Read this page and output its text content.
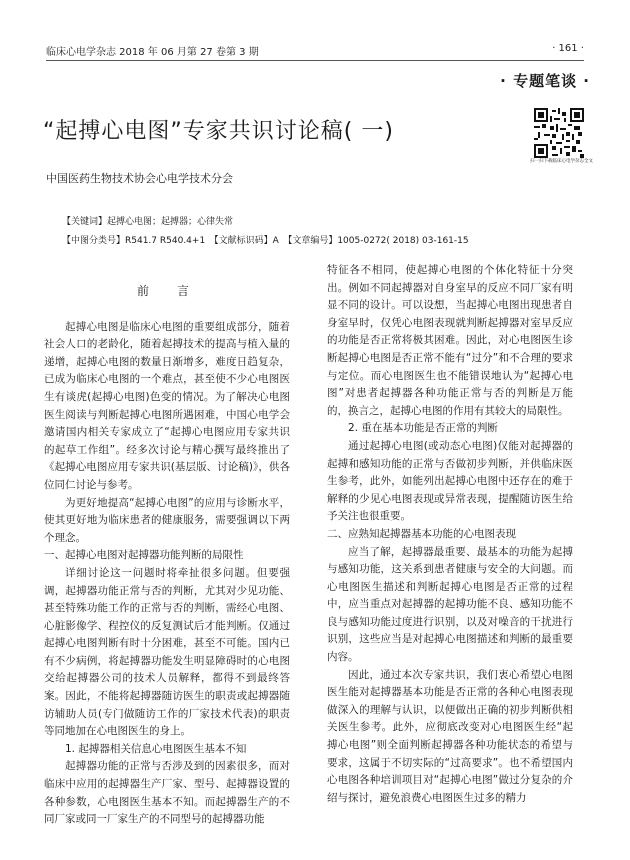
临床心电学杂志 2018 年 06 月第 27 卷第 3 期	· 161 ·
· 专题笔谈 ·
“起搏心电图”专家共识讨论稿( 一)
扫一扫下载临床心电学杂志全文
中国医药生物技术协会心电学技术分会
【关键词】起搏心电图；起搏器；心律失常
【中图分类号】R541.7 R540.4+1　【文献标识码】A　【文章编号】1005-0272( 2018) 03-161-15

前　言

起搏心电图是临床心电图的重要组成部分，随着社会人口的老龄化，随着起搏技术的提高与植入量的递增，起搏心电图的数量日渐增多，难度日趋复杂，已成为临床心电图的一个难点，甚至使不少心电图医生有谈虎(起搏心电图)色变的情况。为了解决心电图医生阅读与判断起搏心电图所遇困难，中国心电学会邀请国内相关专家成立了“起搏心电图应用专家共识的起草工作组”。经多次讨论与精心撰写最终推出了《起搏心电图应用专家共识(基层版、讨论稿)》，供各位同仁讨论与参考。

为更好地提高“起搏心电图”的应用与诊断水平，使其更好地为临床患者的健康服务，需要强调以下两个理念。

一、起搏心电图对起搏器功能判断的局限性

详细讨论这一问题时将牵扯很多问题。但要强调，起搏器功能正常与否的判断，尤其对少见功能、甚至特殊功能工作的正常与否的判断，需经心电图、心脏影像学、程控仪的反复测试后才能判断。仅通过起搏心电图判断有时十分困难，甚至不可能。国内已有不少病例，将起搏器功能发生明显障碍时的心电图交给起搏器公司的技术人员解释，都得不到最终答案。因此，不能将起搏器随访医生的职责或起搏器随访辅助人员(专门做随访工作的厂家技术代表)的职责等同地加在心电图医生的身上。

1. 起搏器相关信息心电图医生基本不知

起搏器功能的正常与否涉及到的因素很多，而对临床中应用的起搏器生产厂家、型号、起搏器设置的各种参数，心电图医生基本不知。而起搏器生产的不同厂家或同一厂家生产的不同型号的起搏器功能

特征各不相同，使起搏心电图的个体化特征十分突出。例如不同起搏器对自身室早的反应不同厂家有明显不同的设计。可以设想，当起搏心电图出现患者自身室早时，仅凭心电图表现就判断起搏器对室早反应的功能是否正常将极其困难。因此，对心电图医生诊断起搏心电图是否正常不能有“过分”和不合理的要求与定位。而心电图医生也不能错误地认为“起搏心电图”对患者起搏器各种功能正常与否的判断是万能的，换言之，起搏心电图的作用有其较大的局限性。

2. 重在基本功能是否正常的判断

通过起搏心电图(或动态心电图)仅能对起搏器的起搏和感知功能的正常与否做初步判断，并供临床医生参考，此外，如能列出起搏心电图中还存在的难于解释的少见心电图表现或异常表现，提醒随访医生给予关注也很重要。

二、应熟知起搏器基本功能的心电图表现

应当了解，起搏器最重要、最基本的功能为起搏与感知功能，这关系到患者健康与安全的大问题。而心电图医生描述和判断起搏心电图是否正常的过程中，应当重点对起搏器的起搏功能不良、感知功能不良与感知功能过度进行识别，以及对噪音的干扰进行识别，这些应当是对起搏心电图描述和判断的最重要内容。

因此，通过本次专家共识，我们衷心希望心电图医生能对起搏器基本功能是否正常的各种心电图表现做深入的理解与认识，以便做出正确的初步判断供相关医生参考。此外，应彻底改变对心电图医生经“起搏心电图”则全面判断起搏器各种功能状态的希望与要求，这属于不切实际的“过高要求”。也不希望国内心电图各种培训项目对“起搏心电图”做过分复杂的介绍与探讨，避免浪费心电图医生过多的精力
